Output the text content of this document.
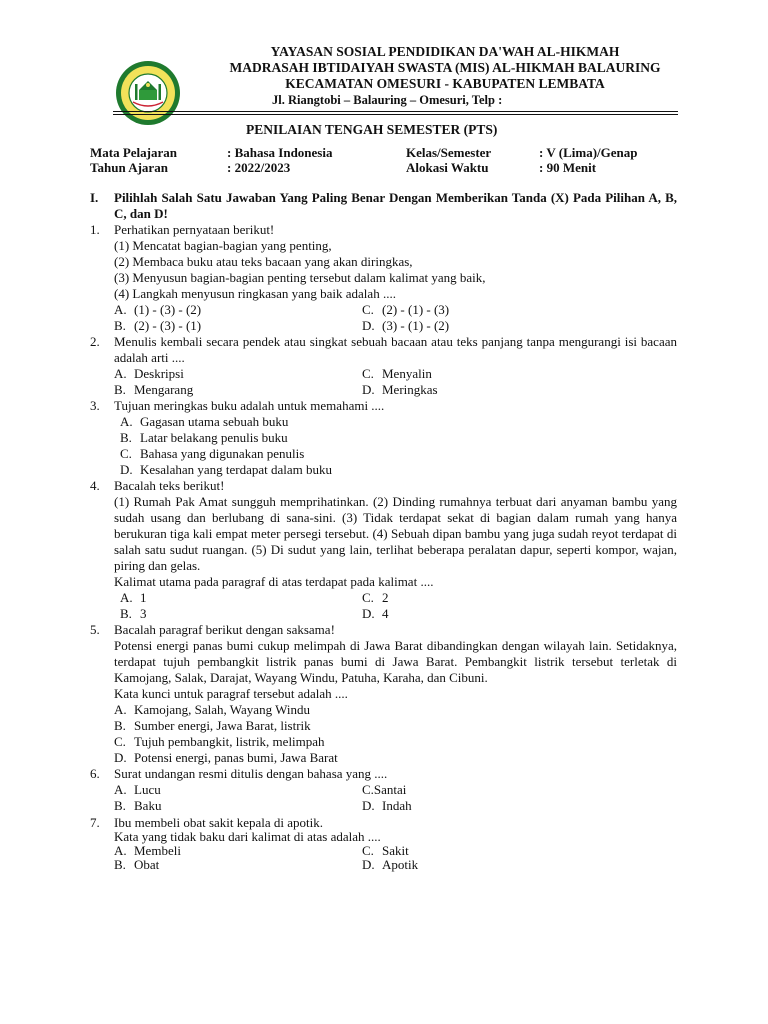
YAYASAN SOSIAL PENDIDIKAN DA'WAH AL-HIKMAH
MADRASAH IBTIDAIYAH SWASTA (MIS) AL-HIKMAH BALAURING
KECAMATAN OMESURI - KABUPATEN LEMBATA
Jl. Riangtobi – Balauring – Omesuri, Telp :
PENILAIAN TENGAH SEMESTER (PTS)
Mata Pelajaran	: Bahasa Indonesia	Kelas/Semester	: V (Lima)/Genap
Tahun Ajaran	: 2022/2023	Alokasi Waktu	: 90 Menit
I.	Pilihlah Salah Satu Jawaban Yang Paling Benar Dengan Memberikan Tanda (X) Pada Pilihan A, B, C, dan D!
1.	Perhatikan pernyataan berikut!
(1) Mencatat bagian-bagian yang penting,
(2) Membaca buku atau teks bacaan yang akan diringkas,
(3) Menyusun bagian-bagian penting tersebut dalam kalimat yang baik,
(4) Langkah menyusun ringkasan yang baik adalah ....
A. (1) - (3) - (2)	C. (2) - (1) - (3)
B. (2) - (3) - (1)	D. (3) - (1) - (2)
2.	Menulis kembali secara pendek atau singkat sebuah bacaan atau teks panjang tanpa mengurangi isi bacaan adalah arti ....
A. Deskripsi	C. Menyalin
B. Mengarang	D. Meringkas
3.	Tujuan meringkas buku adalah untuk memahami ....
A. Gagasan utama sebuah buku
B. Latar belakang penulis buku
C. Bahasa yang digunakan penulis
D. Kesalahan yang terdapat dalam buku
4.	Bacalah teks berikut!
(1) Rumah Pak Amat sungguh memprihatinkan. (2) Dinding rumahnya terbuat dari anyaman bambu yang sudah usang dan berlubang di sana-sini. (3) Tidak terdapat sekat di bagian dalam rumah yang hanya berukuran tiga kali empat meter persegi tersebut. (4) Sebuah dipan bambu yang juga sudah reyot terdapat di salah satu sudut ruangan. (5) Di sudut yang lain, terlihat beberapa peralatan dapur, seperti kompor, wajan, piring dan gelas.
Kalimat utama pada paragraf di atas terdapat pada kalimat ....
A. 1	C. 2
B. 3	D. 4
5.	Bacalah paragraf berikut dengan saksama!
Potensi energi panas bumi cukup melimpah di Jawa Barat dibandingkan dengan wilayah lain. Setidaknya, terdapat tujuh pembangkit listrik panas bumi di Jawa Barat. Pembangkit listrik tersebut terletak di Kamojang, Salak, Darajat, Wayang Windu, Patuha, Karaha, dan Cibuni.
Kata kunci untuk paragraf tersebut adalah ....
A. Kamojang, Salah, Wayang Windu
B. Sumber energi, Jawa Barat, listrik
C. Tujuh pembangkit, listrik, melimpah
D. Potensi energi, panas bumi, Jawa Barat
6.	Surat undangan resmi ditulis dengan bahasa yang ....
A. Lucu	C.Santai
B. Baku	D. Indah
7.	Ibu membeli obat sakit kepala di apotik.
Kata yang tidak baku dari kalimat di atas adalah ....
A. Membeli	C. Sakit
B. Obat	D. Apotik
